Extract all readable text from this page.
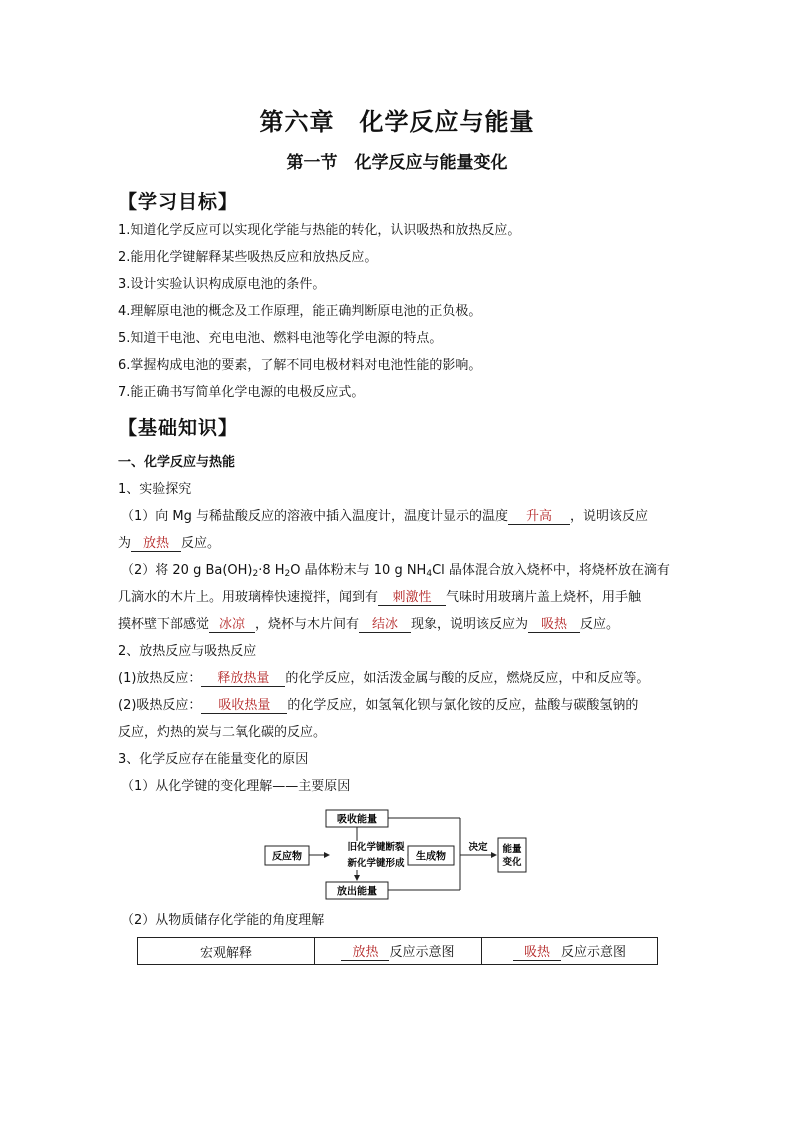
第六章　化学反应与能量
第一节　化学反应与能量变化
【学习目标】
1.知道化学反应可以实现化学能与热能的转化，认识吸热和放热反应。
2.能用化学键解释某些吸热反应和放热反应。
3.设计实验认识构成原电池的条件。
4.理解原电池的概念及工作原理，能正确判断原电池的正负极。
5.知道干电池、充电电池、燃料电池等化学电源的特点。
6.掌握构成电池的要素，了解不同电极材料对电池性能的影响。
7.能正确书写简单化学电源的电极反应式。
【基础知识】
一、化学反应与热能
1、实验探究
（1）向 Mg 与稀盐酸反应的溶液中插入温度计，温度计显示的温度 升高 ，说明该反应
为 放热 反应。
（2）将 20 g $Ba(OH)_2\cdot 8$ $H_2O$ 晶体粉末与 10 g $NH_4Cl$ 晶体混合放入烧杯中，将烧杯放在滴有
几滴水的木片上。用玻璃棒快速搅拌，闻到有 刺激性 气味时用玻璃片盖上烧杯，用手触
摸杯壁下部感觉 冰凉 ，烧杯与木片间有 结冰 现象，说明该反应为 吸热 反应。
2、放热反应与吸热反应
(1)放热反应： 释放热量 的化学反应，如活泼金属与酸的反应，燃烧反应，中和反应等。
(2)吸热反应： 吸收热量 的化学反应，如氢氧化钡与氯化铵的反应，盐酸与碳酸氢钠的
反应，灼热的炭与二氧化碳的反应。
3、化学反应存在能量变化的原因
（1）从化学键的变化理解——主要原因
吸收能量
反应物
旧化学键断裂
新化学键形成
生成物
放出能量
决定 能量
变化
（2）从物质储存化学能的角度理解
宏观解释	放热 反应示意图	吸热 反应示意图
